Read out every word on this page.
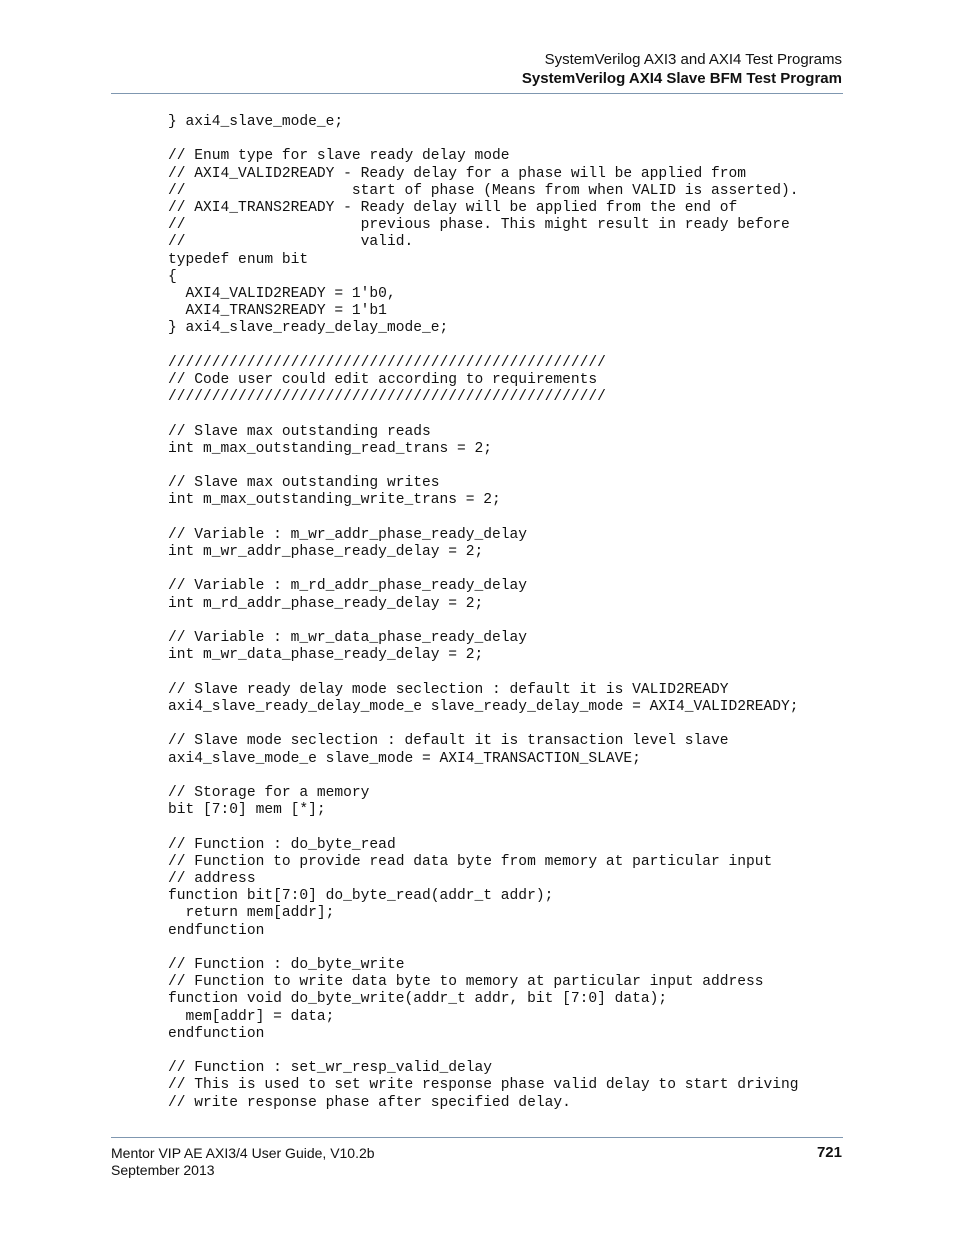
SystemVerilog AXI3 and AXI4 Test Programs
SystemVerilog AXI4 Slave BFM Test Program
} axi4_slave_mode_e;

// Enum type for slave ready delay mode
// AXI4_VALID2READY - Ready delay for a phase will be applied from
//                   start of phase (Means from when VALID is asserted).
// AXI4_TRANS2READY - Ready delay will be applied from the end of
//                    previous phase. This might result in ready before
//                    valid.
typedef enum bit
{
AXI4_VALID2READY = 1'b0,
AXI4_TRANS2READY = 1'b1
} axi4_slave_ready_delay_mode_e;

//////////////////////////////////////////////////
// Code user could edit according to requirements
//////////////////////////////////////////////////

// Slave max outstanding reads
int m_max_outstanding_read_trans = 2;

// Slave max outstanding writes
int m_max_outstanding_write_trans = 2;

// Variable : m_wr_addr_phase_ready_delay
int m_wr_addr_phase_ready_delay = 2;

// Variable : m_rd_addr_phase_ready_delay
int m_rd_addr_phase_ready_delay = 2;

// Variable : m_wr_data_phase_ready_delay
int m_wr_data_phase_ready_delay = 2;

// Slave ready delay mode seclection : default it is VALID2READY
axi4_slave_ready_delay_mode_e slave_ready_delay_mode = AXI4_VALID2READY;

// Slave mode seclection : default it is transaction level slave
axi4_slave_mode_e slave_mode = AXI4_TRANSACTION_SLAVE;

// Storage for a memory
bit [7:0] mem [*];

// Function : do_byte_read
// Function to provide read data byte from memory at particular input
// address
function bit[7:0] do_byte_read(addr_t addr);
return mem[addr];
endfunction

// Function : do_byte_write
// Function to write data byte to memory at particular input address
function void do_byte_write(addr_t addr, bit [7:0] data);
mem[addr] = data;
endfunction

// Function : set_wr_resp_valid_delay
// This is used to set write response phase valid delay to start driving
// write response phase after specified delay.

Mentor VIP AE AXI3/4 User Guide, V10.2b
September 2013
721
